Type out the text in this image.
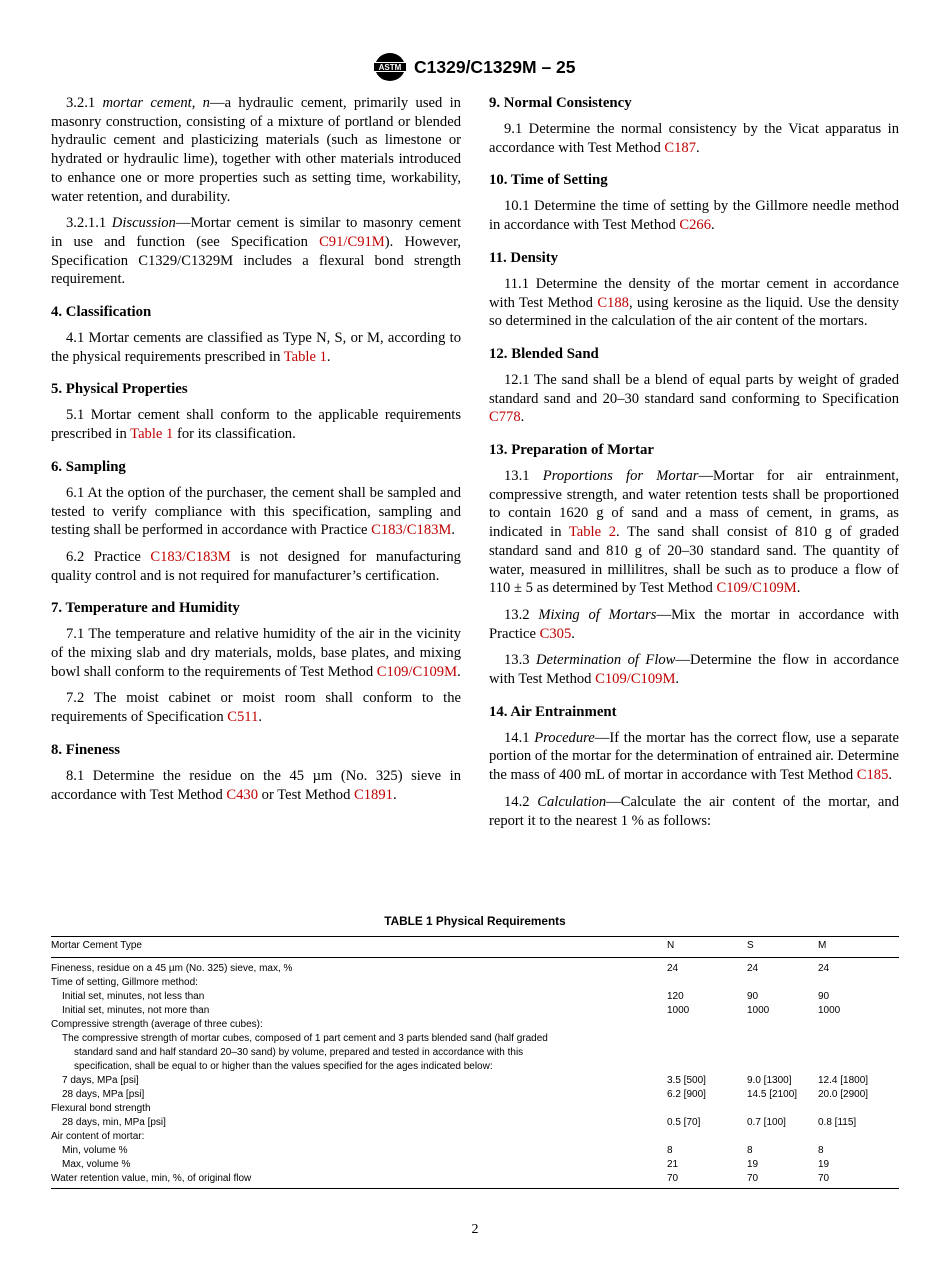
ASTM C1329/C1329M – 25

3.2.1 mortar cement, n—a hydraulic cement, primarily used in masonry construction, consisting of a mixture of portland or blended hydraulic cement and plasticizing materials (such as limestone or hydrated or hydraulic lime), together with other materials introduced to enhance one or more properties such as setting time, workability, water retention, and durability.

3.2.1.1 Discussion—Mortar cement is similar to masonry cement in use and function (see Specification C91/C91M). However, Specification C1329/C1329M includes a flexural bond strength requirement.

4. Classification

4.1 Mortar cements are classified as Type N, S, or M, according to the physical requirements prescribed in Table 1.

5. Physical Properties

5.1 Mortar cement shall conform to the applicable requirements prescribed in Table 1 for its classification.

6. Sampling

6.1 At the option of the purchaser, the cement shall be sampled and tested to verify compliance with this specification, sampling and testing shall be performed in accordance with Practice C183/C183M.

6.2 Practice C183/C183M is not designed for manufacturing quality control and is not required for manufacturer’s certification.

7. Temperature and Humidity

7.1 The temperature and relative humidity of the air in the vicinity of the mixing slab and dry materials, molds, base plates, and mixing bowl shall conform to the requirements of Test Method C109/C109M.

7.2 The moist cabinet or moist room shall conform to the requirements of Specification C511.

8. Fineness

8.1 Determine the residue on the 45 µm (No. 325) sieve in accordance with Test Method C430 or Test Method C1891.

9. Normal Consistency

9.1 Determine the normal consistency by the Vicat apparatus in accordance with Test Method C187.

10. Time of Setting

10.1 Determine the time of setting by the Gillmore needle method in accordance with Test Method C266.

11. Density

11.1 Determine the density of the mortar cement in accordance with Test Method C188, using kerosine as the liquid. Use the density so determined in the calculation of the air content of the mortars.

12. Blended Sand

12.1 The sand shall be a blend of equal parts by weight of graded standard sand and 20–30 standard sand conforming to Specification C778.

13. Preparation of Mortar

13.1 Proportions for Mortar—Mortar for air entrainment, compressive strength, and water retention tests shall be proportioned to contain 1620 g of sand and a mass of cement, in grams, as indicated in Table 2. The sand shall consist of 810 g of graded standard sand and 810 g of 20–30 standard sand. The quantity of water, measured in millilitres, shall be such as to produce a flow of 110 ± 5 as determined by Test Method C109/C109M.

13.2 Mixing of Mortars—Mix the mortar in accordance with Practice C305.

13.3 Determination of Flow—Determine the flow in accordance with Test Method C109/C109M.

14. Air Entrainment

14.1 Procedure—If the mortar has the correct flow, use a separate portion of the mortar for the determination of entrained air. Determine the mass of 400 mL of mortar in accordance with Test Method C185.

14.2 Calculation—Calculate the air content of the mortar, and report it to the nearest 1 % as follows:

TABLE 1 Physical Requirements
Mortar Cement Type	N	S	M
Fineness, residue on a 45 µm (No. 325) sieve, max, %	24	24	24
Time of setting, Gillmore method:			
Initial set, minutes, not less than	120	90	90
Initial set, minutes, not more than	1000	1000	1000
Compressive strength (average of three cubes):			
The compressive strength of mortar cubes, composed of 1 part cement and 3 parts blended sand (half graded			
standard sand and half standard 20–30 sand) by volume, prepared and tested in accordance with this			
specification, shall be equal to or higher than the values specified for the ages indicated below:			
7 days, MPa [psi]	3.5 [500]	9.0 [1300]	12.4 [1800]
28 days, MPa [psi]	6.2 [900]	14.5 [2100]	20.0 [2900]
Flexural bond strength			
28 days, min, MPa [psi]	0.5 [70]	0.7 [100]	0.8 [115]
Air content of mortar:			
Min, volume %	8	8	8
Max, volume %	21	19	19
Water retention value, min, %, of original flow	70	70	70
2
